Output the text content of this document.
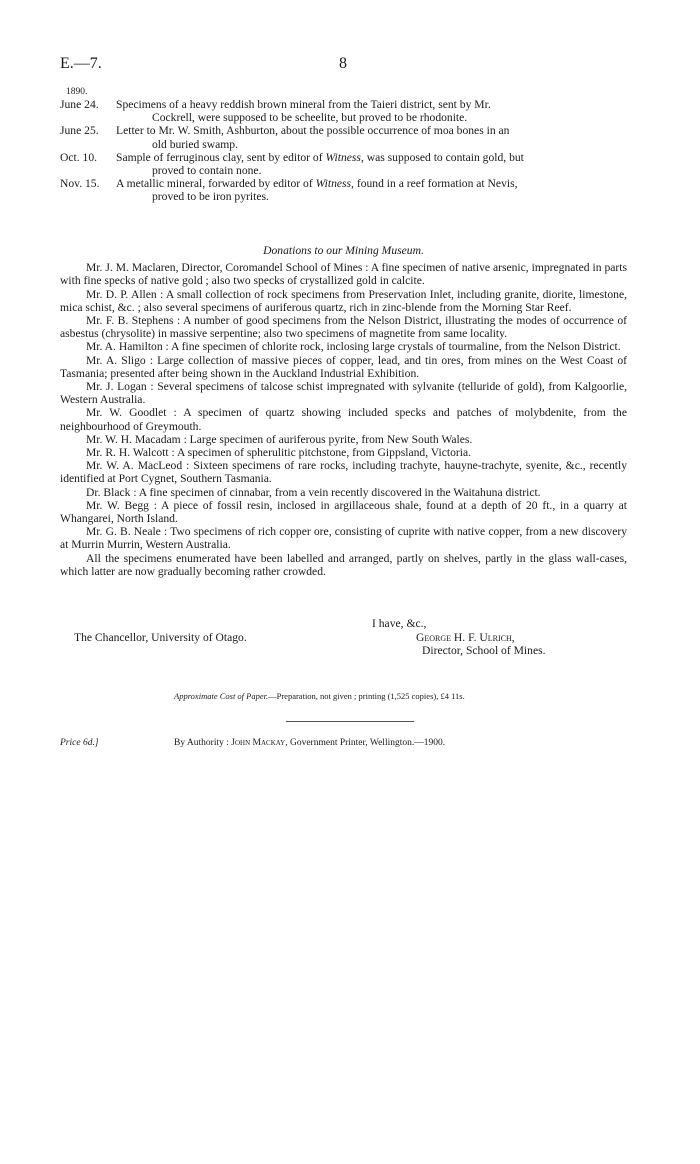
E.—7.	8
1890.
June 24.	Specimens of a heavy reddish brown mineral from the Taieri district, sent by Mr.
Cockrell, were supposed to be scheelite, but proved to be rhodonite.
June 25.	Letter to Mr. W. Smith, Ashburton, about the possible occurrence of moa bones in an
old buried swamp.
Oct. 10.	Sample of ferruginous clay, sent by editor of Witness, was supposed to contain gold, but
proved to contain none.
Nov. 15.	A metallic mineral, forwarded by editor of Witness, found in a reef formation at Nevis,
proved to be iron pyrites.
Donations to our Mining Museum.

Mr. J. M. Maclaren, Director, Coromandel School of Mines : A fine specimen of native arsenic, impregnated in parts with fine specks of native gold ; also two specks of crystallized gold in calcite.

Mr. D. P. Allen : A small collection of rock specimens from Preservation Inlet, including granite, diorite, limestone, mica schist, &c. ; also several specimens of auriferous quartz, rich in zinc-blende from the Morning Star Reef.

Mr. F. B. Stephens : A number of good specimens from the Nelson District, illustrating the modes of occurrence of asbestus (chrysolite) in massive serpentine; also two specimens of magnetite from same locality.

Mr. A. Hamilton : A fine specimen of chlorite rock, inclosing large crystals of tourmaline, from the Nelson District.

Mr. A. Sligo : Large collection of massive pieces of copper, lead, and tin ores, from mines on the West Coast of Tasmania; presented after being shown in the Auckland Industrial Exhibition.

Mr. J. Logan : Several specimens of talcose schist impregnated with sylvanite (telluride of gold), from Kalgoorlie, Western Australia.

Mr. W. Goodlet : A specimen of quartz showing included specks and patches of molybdenite, from the neighbourhood of Greymouth.

Mr. W. H. Macadam : Large specimen of auriferous pyrite, from New South Wales.

Mr. R. H. Walcott : A specimen of spherulitic pitchstone, from Gippsland, Victoria.

Mr. W. A. MacLeod : Sixteen specimens of rare rocks, including trachyte, hauyne-trachyte, syenite, &c., recently identified at Port Cygnet, Southern Tasmania.

Dr. Black : A fine specimen of cinnabar, from a vein recently discovered in the Waitahuna district.

Mr. W. Begg : A piece of fossil resin, inclosed in argillaceous shale, found at a depth of 20 ft., in a quarry at Whangarei, North Island.

Mr. G. B. Neale : Two specimens of rich copper ore, consisting of cuprite with native copper, from a new discovery at Murrin Murrin, Western Australia.

All the specimens enumerated have been labelled and arranged, partly on shelves, partly in the glass wall-cases, which latter are now gradually becoming rather crowded.

I have, &c.,
The Chancellor, University of Otago.	George H. F. Ulrich,
Director, School of Mines.
Approximate Cost of Paper.—Preparation, not given ; printing (1,525 copies), £4 11s.
Price 6d.]	By Authority : John Mackay, Government Printer, Wellington.—1900.
